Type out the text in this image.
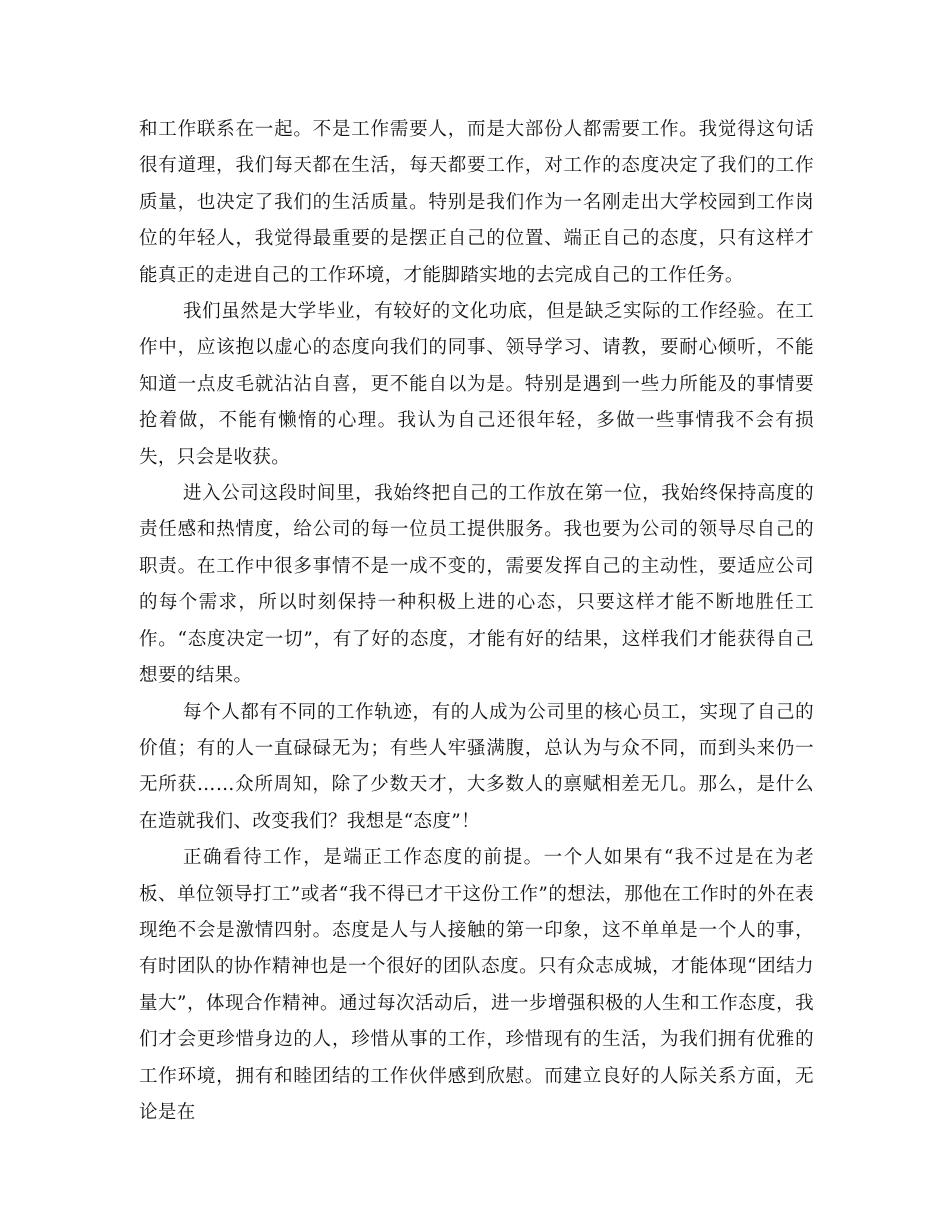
和工作联系在一起。不是工作需要人，而是大部份人都需要工作。我觉得这句话很有道理，我们每天都在生活，每天都要工作，对工作的态度决定了我们的工作质量，也决定了我们的生活质量。特别是我们作为一名刚走出大学校园到工作岗位的年轻人，我觉得最重要的是摆正自己的位置、端正自己的态度，只有这样才能真正的走进自己的工作环境，才能脚踏实地的去完成自己的工作任务。

我们虽然是大学毕业，有较好的文化功底，但是缺乏实际的工作经验。在工作中，应该抱以虚心的态度向我们的同事、领导学习、请教，要耐心倾听，不能知道一点皮毛就沾沾自喜，更不能自以为是。特别是遇到一些力所能及的事情要抢着做，不能有懒惰的心理。我认为自己还很年轻，多做一些事情我不会有损失，只会是收获。

进入公司这段时间里，我始终把自己的工作放在第一位，我始终保持高度的责任感和热情度，给公司的每一位员工提供服务。我也要为公司的领导尽自己的职责。在工作中很多事情不是一成不变的，需要发挥自己的主动性，要适应公司的每个需求，所以时刻保持一种积极上进的心态，只要这样才能不断地胜任工作。“态度决定一切”，有了好的态度，才能有好的结果，这样我们才能获得自己想要的结果。

每个人都有不同的工作轨迹，有的人成为公司里的核心员工，实现了自己的价值；有的人一直碌碌无为；有些人牢骚满腹，总认为与众不同，而到头来仍一无所获……众所周知，除了少数天才，大多数人的禀赋相差无几。那么，是什么在造就我们、改变我们？我想是“态度”！

正确看待工作，是端正工作态度的前提。一个人如果有“我不过是在为老板、单位领导打工”或者“我不得已才干这份工作”的想法，那他在工作时的外在表现绝不会是激情四射。态度是人与人接触的第一印象，这不单单是一个人的事，有时团队的协作精神也是一个很好的团队态度。只有众志成城，才能体现“团结力量大”，体现合作精神。通过每次活动后，进一步增强积极的人生和工作态度，我们才会更珍惜身边的人，珍惜从事的工作，珍惜现有的生活，为我们拥有优雅的工作环境，拥有和睦团结的工作伙伴感到欣慰。而建立良好的人际关系方面，无论是在
